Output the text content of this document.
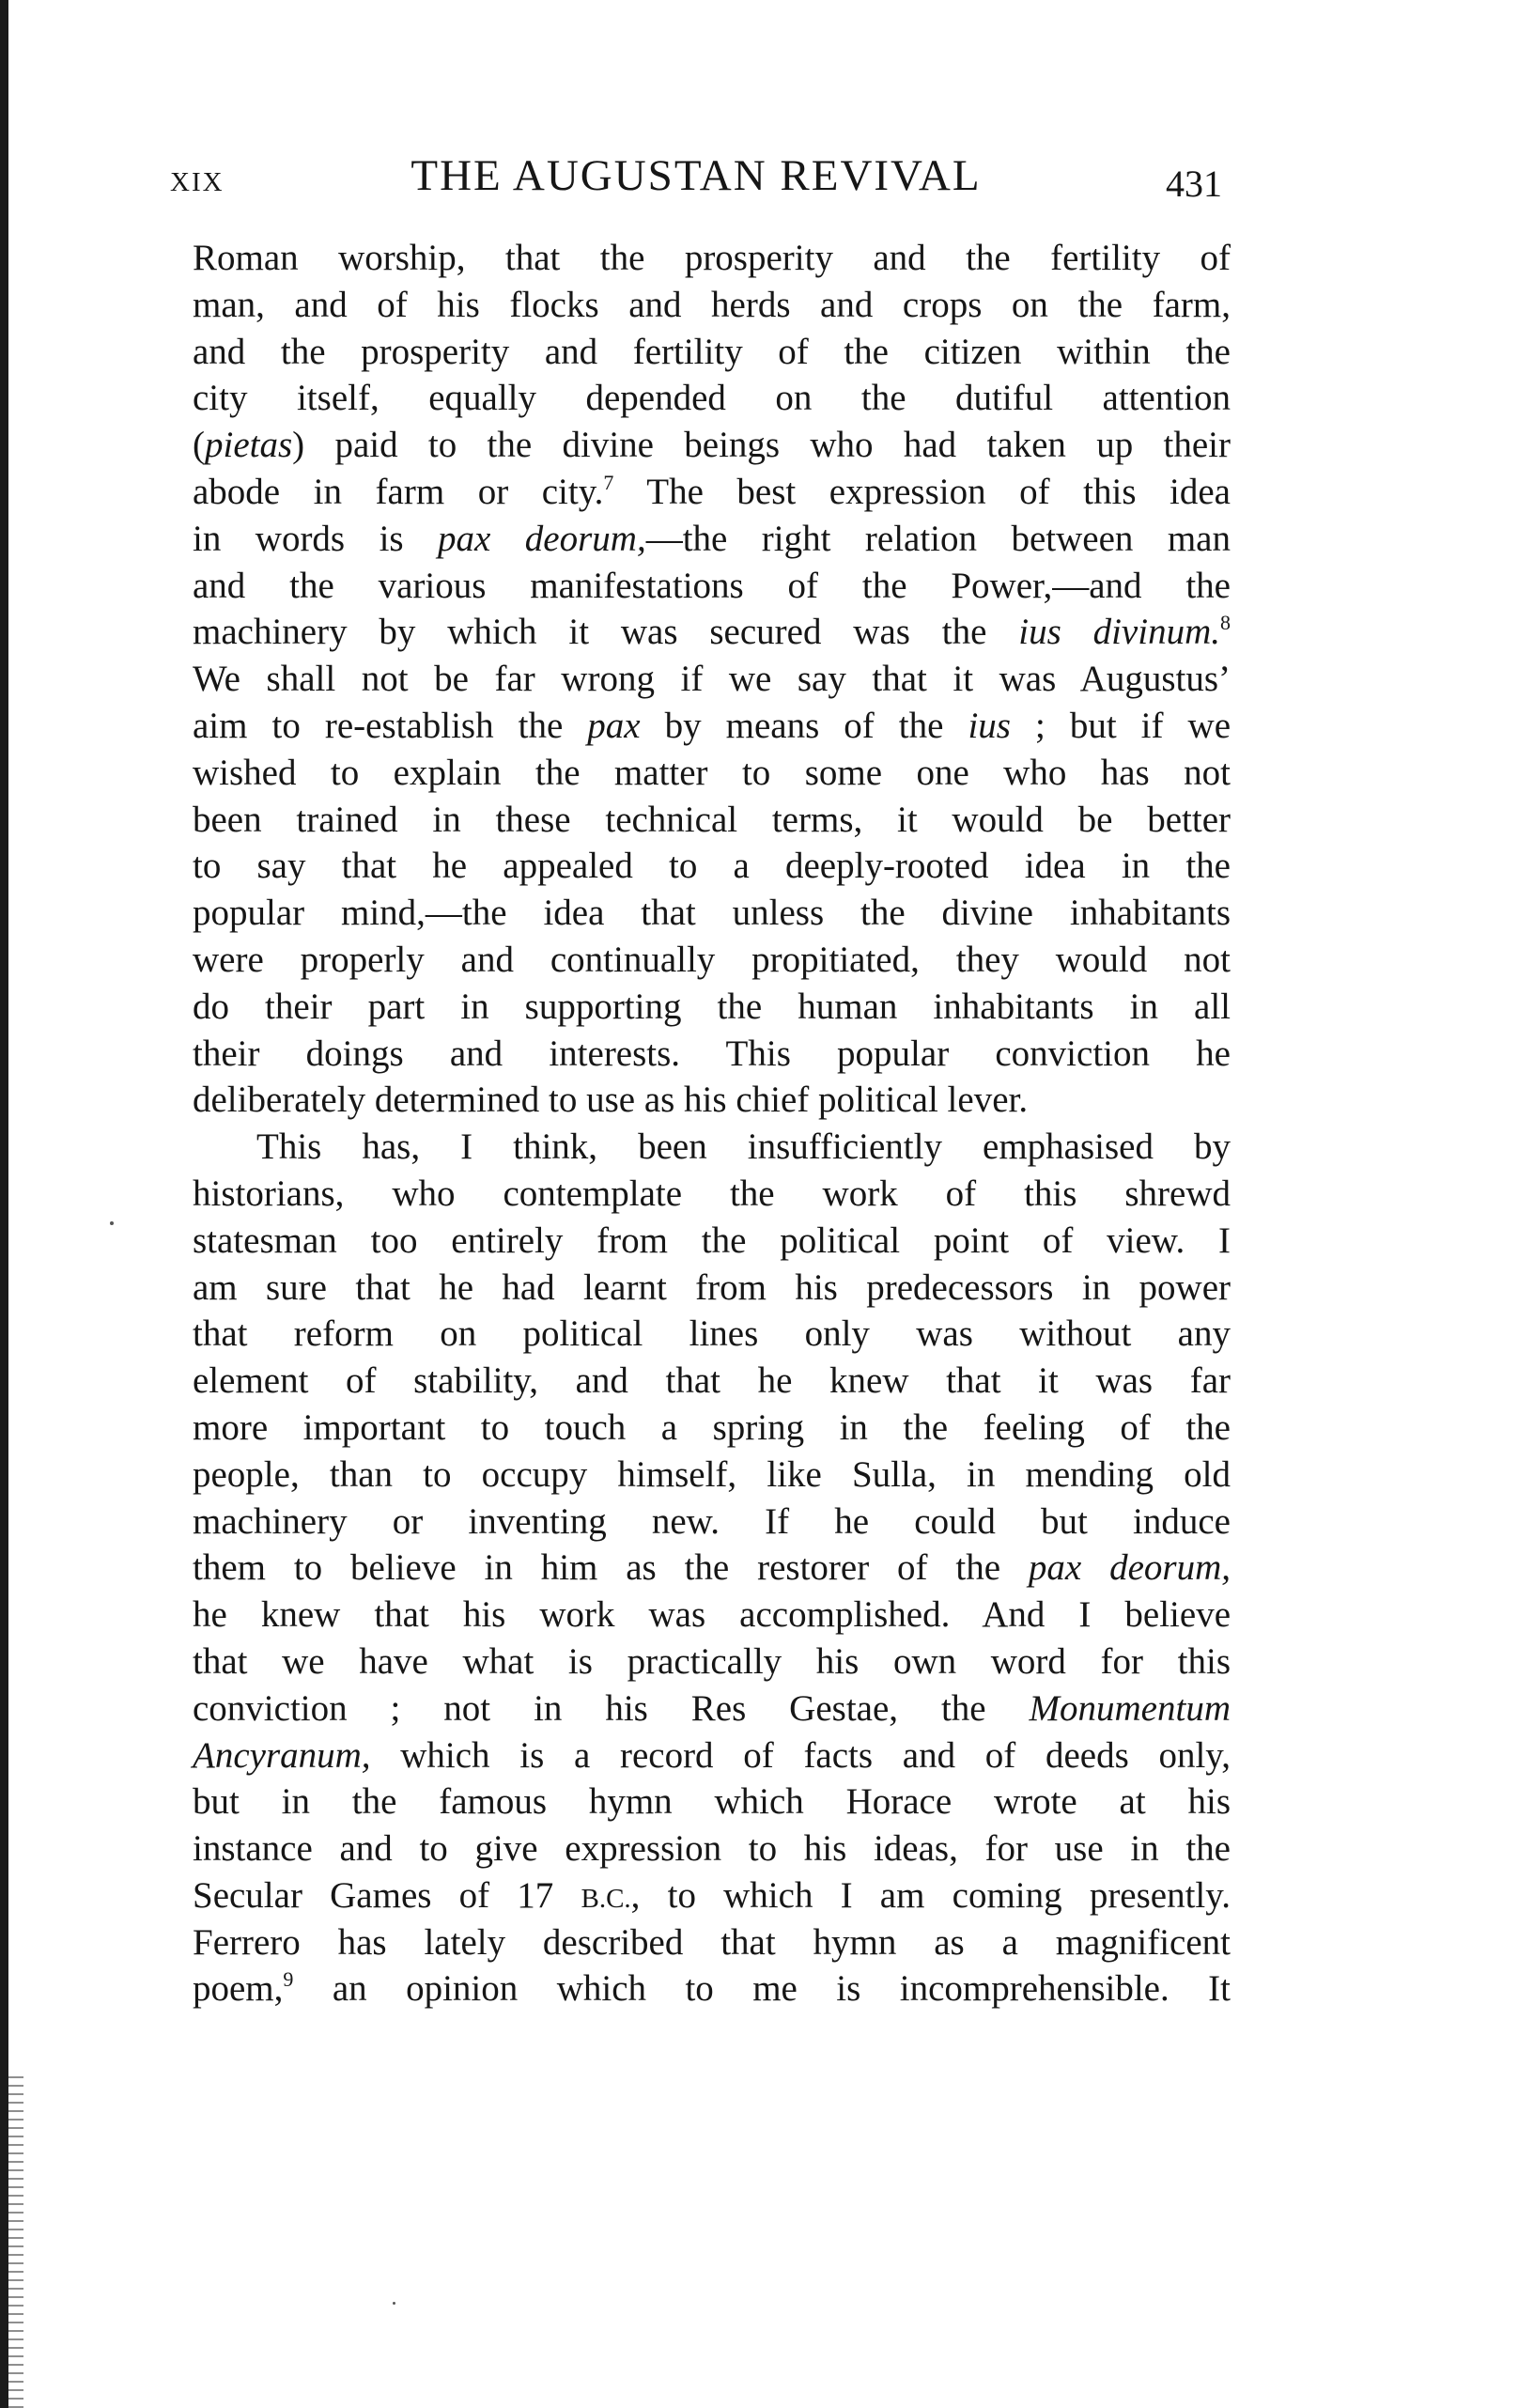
XIX	THE AUGUSTAN REVIVAL	431
Roman worship, that the prosperity and the fertility of
man, and of his flocks and herds and crops on the farm,
and the prosperity and fertility of the citizen within the
city itself, equally depended on the dutiful attention
(pietas) paid to the divine beings who had taken up their
abode in farm or city.$^7$ The best expression of this idea
in words is pax deorum,—the right relation between man
and the various manifestations of the Power,—and the
machinery by which it was secured was the ius divinum.$^8$
We shall not be far wrong if we say that it was Augustus’
aim to re-establish the pax by means of the ius ; but if we
wished to explain the matter to some one who has not
been trained in these technical terms, it would be better
to say that he appealed to a deeply-rooted idea in the
popular mind,—the idea that unless the divine inhabitants
were properly and continually propitiated, they would not
do their part in supporting the human inhabitants in all
their doings and interests. This popular conviction he
deliberately determined to use as his chief political lever.
This has, I think, been insufficiently emphasised by
historians, who contemplate the work of this shrewd
statesman too entirely from the political point of view. I
am sure that he had learnt from his predecessors in power
that reform on political lines only was without any
element of stability, and that he knew that it was far
more important to touch a spring in the feeling of the
people, than to occupy himself, like Sulla, in mending old
machinery or inventing new. If he could but induce
them to believe in him as the restorer of the pax deorum,
he knew that his work was accomplished. And I believe
that we have what is practically his own word for this
conviction ; not in his Res Gestae, the Monumentum
Ancyranum, which is a record of facts and of deeds only,
but in the famous hymn which Horace wrote at his
instance and to give expression to his ideas, for use in the
Secular Games of 17 B.C., to which I am coming presently.
Ferrero has lately described that hymn as a magnificent
poem,$^9$ an opinion which to me is incomprehensible. It
